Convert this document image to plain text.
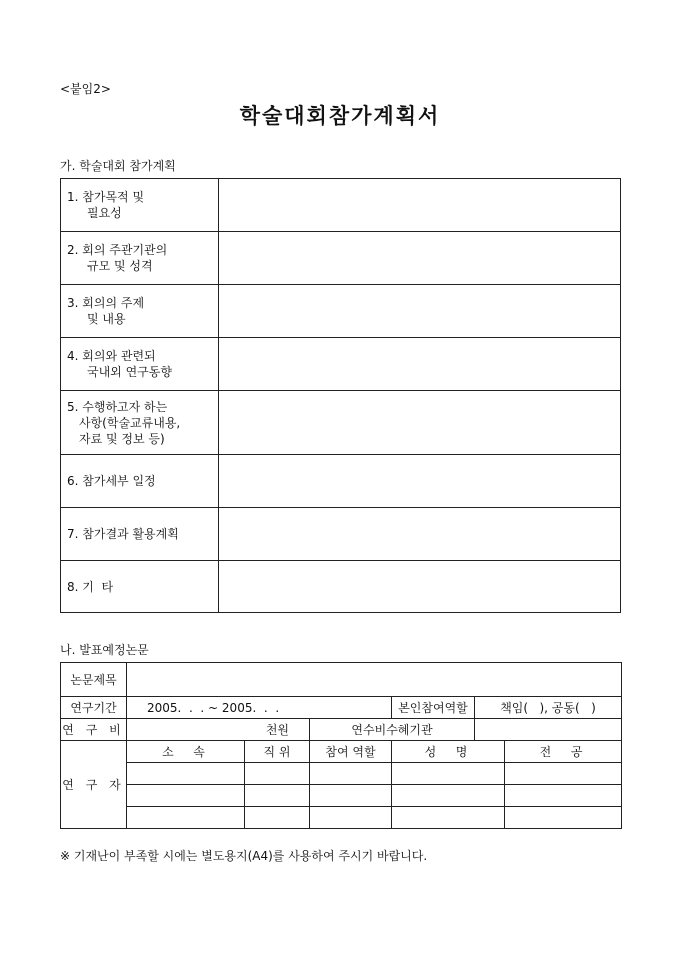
<붙임2>
학술대회참가계획서
가. 학술대회 참가계획
1. 참가목적 및
필요성	

2. 회의 주관기관의
규모 및 성격	

3. 회의의 주제
및 내용	

4. 회의와 관련되
국내외 연구동향	

5. 수행하고자 하는
사항(학술교류내용,
자료 및 정보 등)	

6. 참가세부 일정	

7. 참가결과 활용계획	

8. 기  타	

나. 발표예정논문
논문제목						
연구기간	2005.  .  . ~ 2005.  .  .			본인참여역할	책임(   ), 공동(   )	
연 구 비	천원		연수비수혜기관			
연 구 자	소  속	직 위	참여 역할	성  명		전  공

※ 기재난이 부족할 시에는 별도용지(A4)를 사용하여 주시기 바랍니다.
